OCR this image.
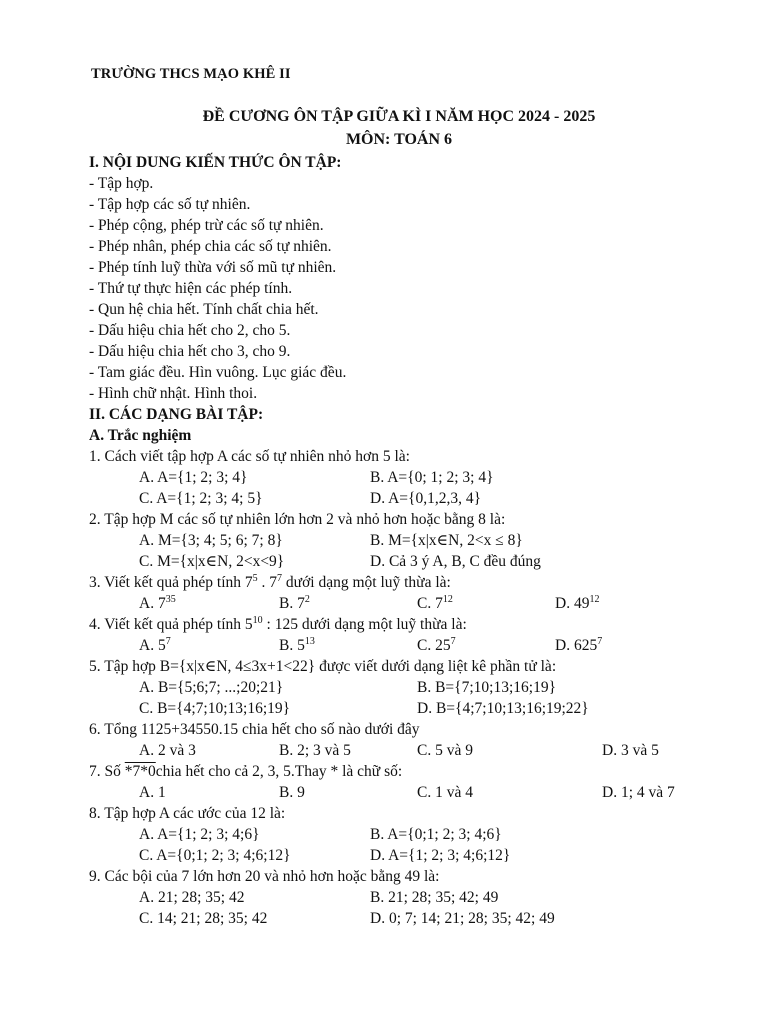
TRƯỜNG THCS MẠO KHÊ II
ĐỀ CƯƠNG ÔN TẬP GIỮA KÌ I NĂM HỌC 2024 - 2025
MÔN: TOÁN 6
I. NỘI DUNG KIẾN THỨC ÔN TẬP:
- Tập hợp.
- Tập hợp các số tự nhiên.
- Phép cộng, phép trừ các số tự nhiên.
- Phép nhân, phép chia các số tự nhiên.
- Phép tính luỹ thừa với số mũ tự nhiên.
- Thứ tự thực hiện các phép tính.
- Qun hệ chia hết. Tính chất chia hết.
- Dấu hiệu chia hết cho 2, cho 5.
- Dấu hiệu chia hết cho 3, cho 9.
- Tam giác đều. Hìn vuông. Lục giác đều.
- Hình chữ nhật. Hình thoi.
II. CÁC DẠNG BÀI TẬP:
A. Trắc nghiệm
1. Cách viết tập hợp A các số tự nhiên nhỏ hơn 5 là:
A. A={1; 2; 3; 4}	B. A={0; 1; 2; 3; 4}
C. A={1; 2; 3; 4; 5}	D. A={0,1,2,3, 4}
2. Tập hợp M các số tự nhiên lớn hơn 2 và nhỏ hơn hoặc bằng 8 là:
A. M={3; 4; 5; 6; 7; 8}	B. M={x|x∈N, 2<x ≤ 8}
C. M={x|x∈N, 2<x<9}	D. Cả 3 ý A, B, C đều đúng
3. Viết kết quả phép tính $7^5$ . $7^7$ dưới dạng một luỹ thừa là:
A. $7^{35}$	B. $7^2$	C. $7^{12}$	D. $49^{12}$
4. Viết kết quả phép tính $5^{10}$ : 125 dưới dạng một luỹ thừa là:
A. $5^7$	B. $5^{13}$	C. $25^7$	D. $625^7$
5. Tập hợp B={x|x∈N, 4≤3x+1<22} được viết dưới dạng liệt kê phần tử là:
A. B={5;6;7; ...;20;21}	B. B={7;10;13;16;19}
C. B={4;7;10;13;16;19}	D. B={4;7;10;13;16;19;22}
6. Tổng 1125+34550.15 chia hết cho số nào dưới đây
A. 2 và 3	B. 2; 3 và 5	C. 5 và 9	D. 3 và 5
7. Số *7*0chia hết cho cả 2, 3, 5.Thay * là chữ số:
A. 1	B. 9	C. 1 và 4	D. 1; 4 và 7
8. Tập hợp A các ước của 12 là:
A. A={1; 2; 3; 4;6}	B. A={0;1; 2; 3; 4;6}
C. A={0;1; 2; 3; 4;6;12}	D. A={1; 2; 3; 4;6;12}
9. Các bội của 7 lớn hơn 20 và nhỏ hơn hoặc bằng 49 là:
A. 21; 28; 35; 42	B. 21; 28; 35; 42; 49
C. 14; 21; 28; 35; 42	D. 0; 7; 14; 21; 28; 35; 42; 49
